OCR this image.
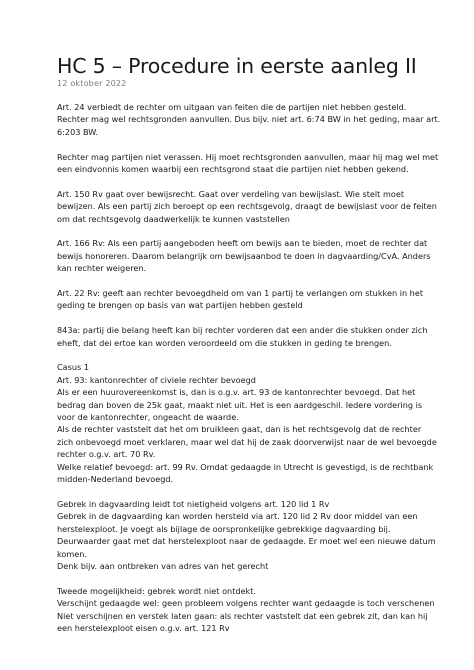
HC 5 – Procedure in eerste aanleg II

12 oktober 2022

Art. 24 verbiedt de rechter om uitgaan van feiten die de partijen niet hebben gesteld.
Rechter mag wel rechtsgronden aanvullen. Dus bijv. niet art. 6:74 BW in het geding, maar art.
6:203 BW.
Rechter mag partijen niet verassen. Hij moet rechtsgronden aanvullen, maar hij mag wel met
een eindvonnis komen waarbij een rechtsgrond staat die partijen niet hebben gekend.
Art. 150 Rv gaat over bewijsrecht. Gaat over verdeling van bewijslast. Wie stelt moet
bewijzen. Als een partij zich beroept op een rechtsgevolg, draagt de bewijslast voor de feiten
om dat rechtsgevolg daadwerkelijk te kunnen vaststellen
Art. 166 Rv: Als een partij aangeboden heeft om bewijs aan te bieden, moet de rechter dat
bewijs honoreren. Daarom belangrijk om bewijsaanbod te doen in dagvaarding/CvA. Anders
kan rechter weigeren.
Art. 22 Rv: geeft aan rechter bevoegdheid om van 1 partij te verlangen om stukken in het
geding te brengen op basis van wat partijen hebben gesteld
843a: partij die belang heeft kan bij rechter vorderen dat een ander die stukken onder zich
eheft, dat dei ertoe kan worden veroordeeld om die stukken in geding te brengen.
Casus 1
Art. 93: kantonrechter of civiele rechter bevoegd
Als er een huurovereenkomst is, dan is o.g.v. art. 93 de kantonrechter bevoegd. Dat het
bedrag dan boven de 25k gaat, maakt niet uit. Het is een aardgeschil. Iedere vordering is
voor de kantonrechter, ongeacht de waarde.
Als de rechter vaststelt dat het om bruikleen gaat, dan is het rechtsgevolg dat de rechter
zich onbevoegd moet verklaren, maar wel dat hij de zaak doorverwijst naar de wel bevoegde
rechter o.g.v. art. 70 Rv.
Welke relatief bevoegd: art. 99 Rv. Omdat gedaagde in Utrecht is gevestigd, is de rechtbank
midden-Nederland bevoegd.
Gebrek in dagvaarding leidt tot nietigheid volgens art. 120 lid 1 Rv
Gebrek in de dagvaarding kan worden hersteld via art. 120 lid 2 Rv door middel van een
herstelexploot. Je voegt als bijlage de oorspronkelijke gebrekkige dagvaarding bij.
Deurwaarder gaat met dat herstelexploot naar de gedaagde. Er moet wel een nieuwe datum
komen.
Denk bijv. aan ontbreken van adres van het gerecht
Tweede mogelijkheid: gebrek wordt niet ontdekt.
Verschijnt gedaagde wel: geen probleem volgens rechter want gedaagde is toch verschenen
Niet verschijnen en verstek laten gaan: als rechter vaststelt dat een gebrek zit, dan kan hij
een herstelexploot eisen o.g.v. art. 121 Rv
